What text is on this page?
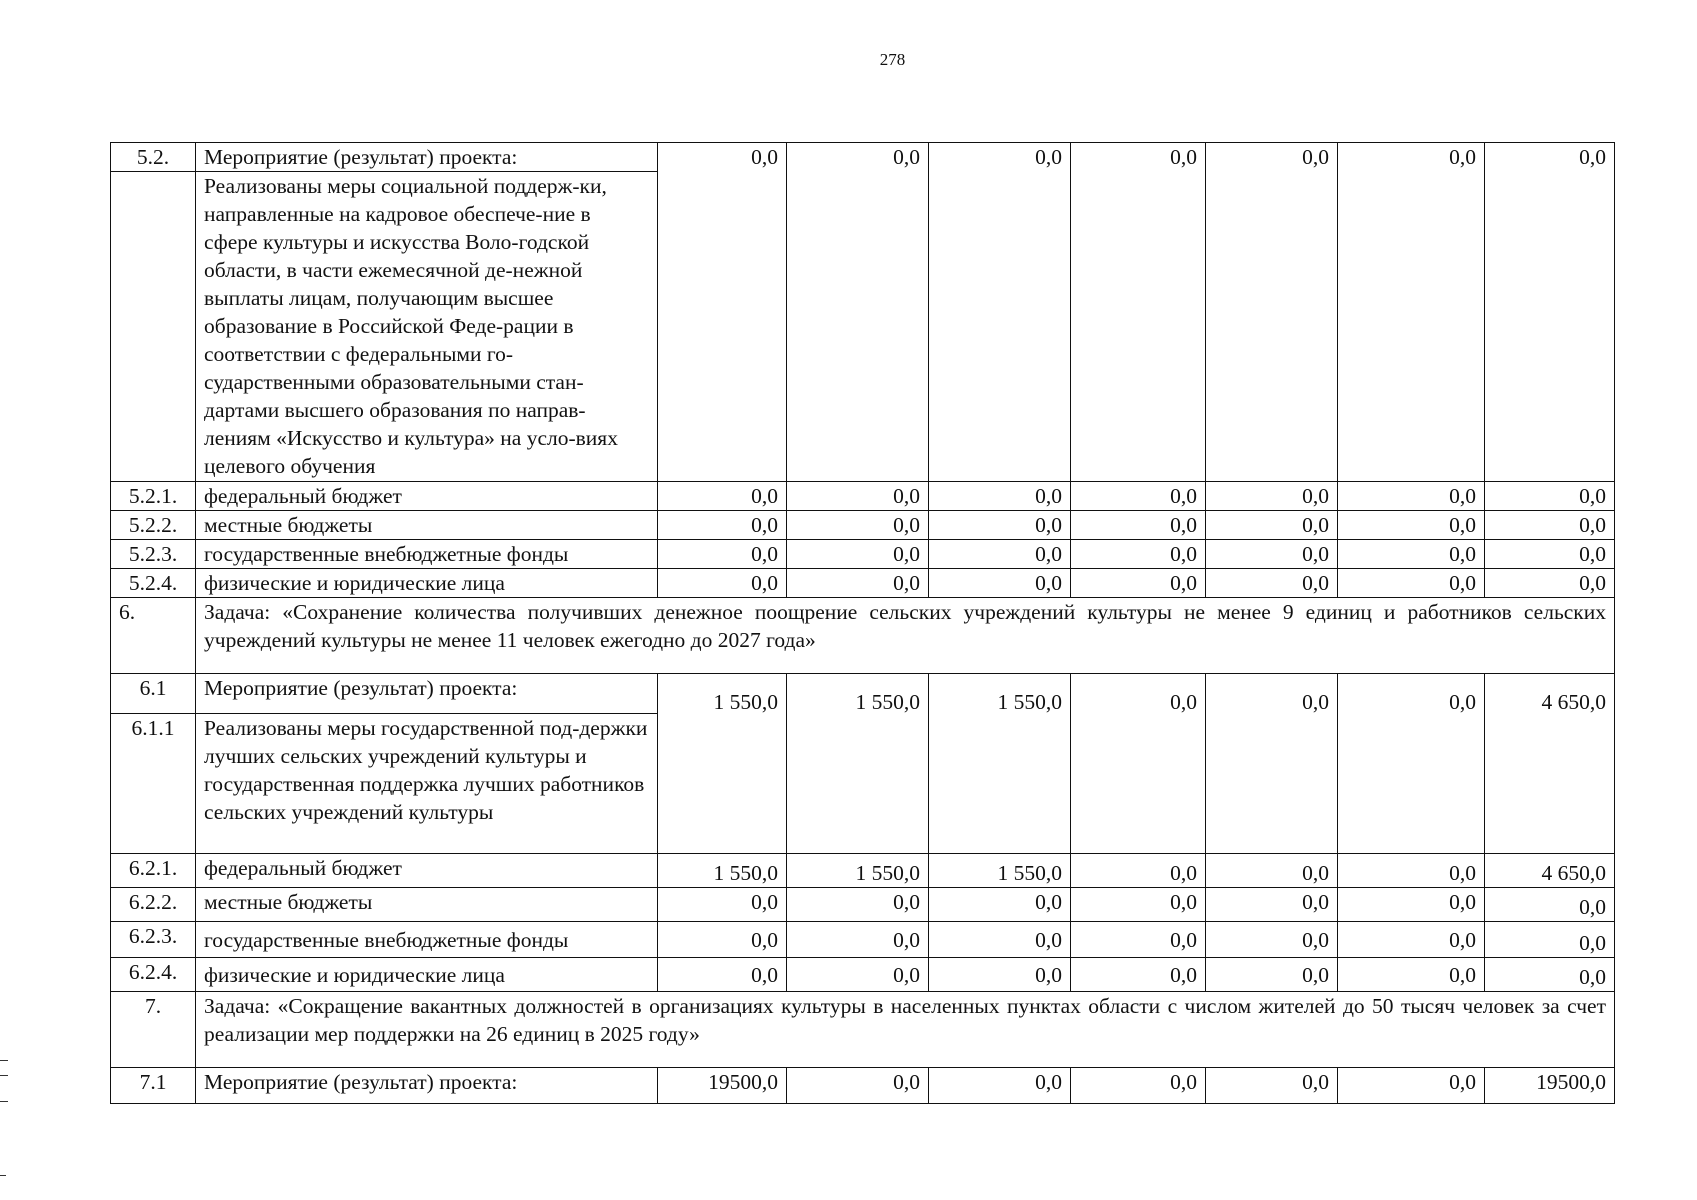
278
5.2.	Мероприятие (результат) проекта:	0,0	0,0	0,0	0,0	0,0	0,0	0,0
	Реализованы меры социальной поддерж-ки, направленные на кадровое обеспече-ние в сфере культуры и искусства Воло-годской области, в части ежемесячной де-нежной выплаты лицам, получающим высшее образование в Российской Феде-рации в соответствии с федеральными го-сударственными образовательными стан-дартами высшего образования по направ-лениям «Искусство и культура» на усло-виях целевого обучения							
5.2.1.	федеральный бюджет	0,0	0,0	0,0	0,0	0,0	0,0	0,0
5.2.2.	местные бюджеты	0,0	0,0	0,0	0,0	0,0	0,0	0,0
5.2.3.	государственные внебюджетные фонды	0,0	0,0	0,0	0,0	0,0	0,0	0,0
5.2.4.	физические и юридические лица	0,0	0,0	0,0	0,0	0,0	0,0	0,0
6.	Задача: «Сохранение количества получивших денежное поощрение сельских учреждений культуры не менее 9 единиц и работников сельских учреждений культуры не менее 11 человек ежегодно до 2027 года»							
6.1	Мероприятие (результат) проекта:	1 550,0	1 550,0	1 550,0	0,0	0,0	0,0	4 650,0
6.1.1	Реализованы меры государственной под-держки лучших сельских учреждений культуры и государственная поддержка лучших работников сельских учреждений культуры							
6.2.1.	федеральный бюджет	1 550,0	1 550,0	1 550,0	0,0	0,0	0,0	4 650,0
6.2.2.	местные бюджеты	0,0	0,0	0,0	0,0	0,0	0,0	0,0
6.2.3.	государственные внебюджетные фонды	0,0	0,0	0,0	0,0	0,0	0,0	0,0
6.2.4.	физические и юридические лица	0,0	0,0	0,0	0,0	0,0	0,0	0,0
7.	Задача: «Сокращение вакантных должностей в организациях культуры в населенных пунктах области с числом жителей до 50 тысяч человек за счет реализации мер поддержки на 26 единиц в 2025 году»							
7.1	Мероприятие (результат) проекта:	19500,0	0,0	0,0	0,0	0,0	0,0	19500,0
